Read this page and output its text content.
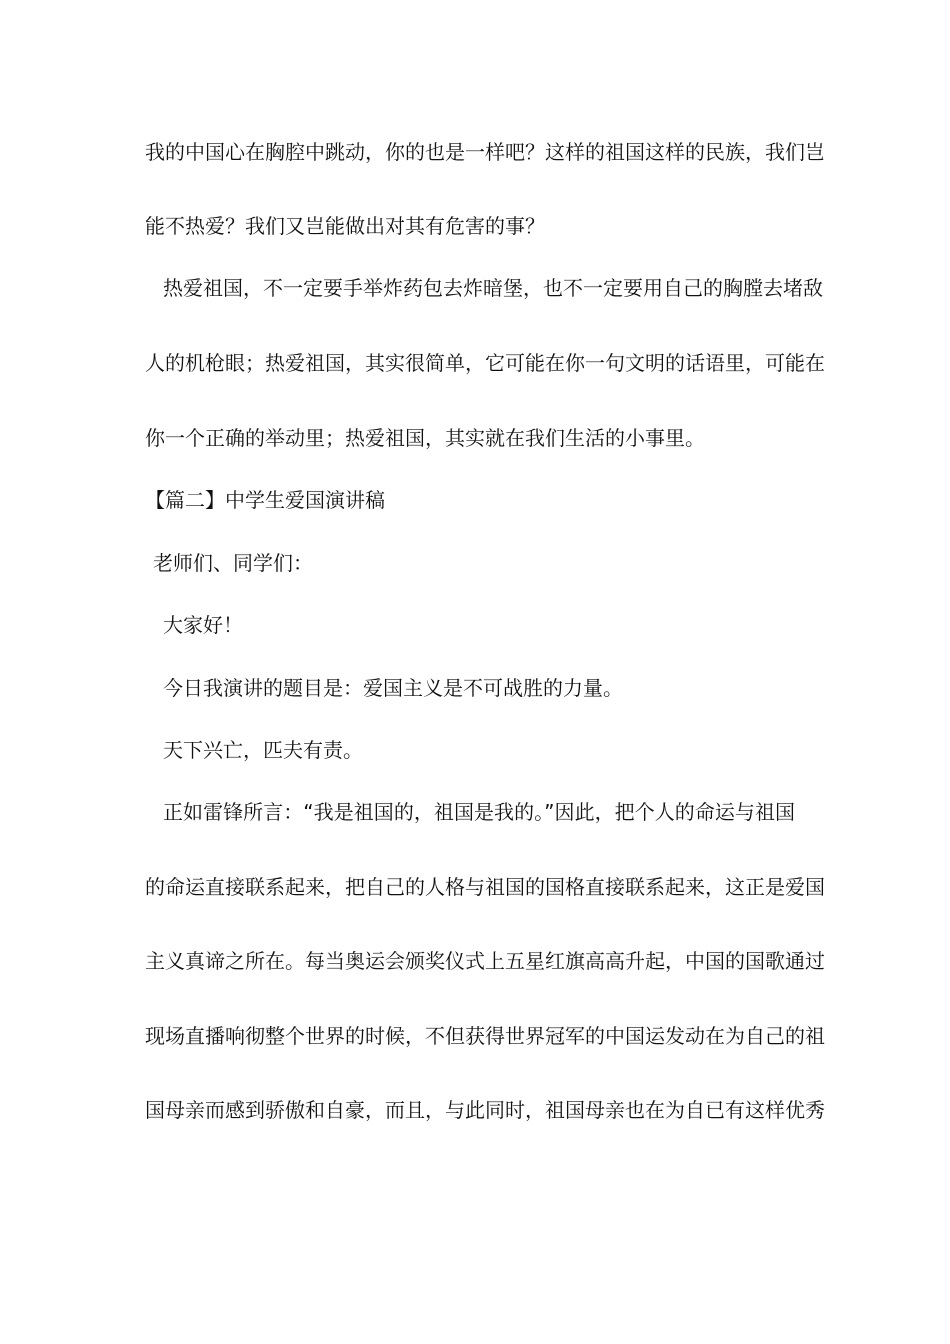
我的中国心在胸腔中跳动，你的也是一样吧？这样的祖国这样的民族，我们岂
能不热爱？我们又岂能做出对其有危害的事？
热爱祖国，不一定要手举炸药包去炸暗堡，也不一定要用自己的胸膛去堵敌
人的机枪眼；热爱祖国，其实很简单，它可能在你一句文明的话语里，可能在
你一个正确的举动里；热爱祖国，其实就在我们生活的小事里。
【篇二】中学生爱国演讲稿
老师们、同学们：
大家好！
今日我演讲的题目是：爱国主义是不可战胜的力量。
天下兴亡，匹夫有责。
正如雷锋所言：“我是祖国的，祖国是我的。”因此，把个人的命运与祖国
的命运直接联系起来，把自己的人格与祖国的国格直接联系起来，这正是爱国
主义真谛之所在。每当奥运会颁奖仪式上五星红旗高高升起，中国的国歌通过
现场直播响彻整个世界的时候，不但获得世界冠军的中国运发动在为自己的祖
国母亲而感到骄傲和自豪，而且，与此同时，祖国母亲也在为自已有这样优秀
